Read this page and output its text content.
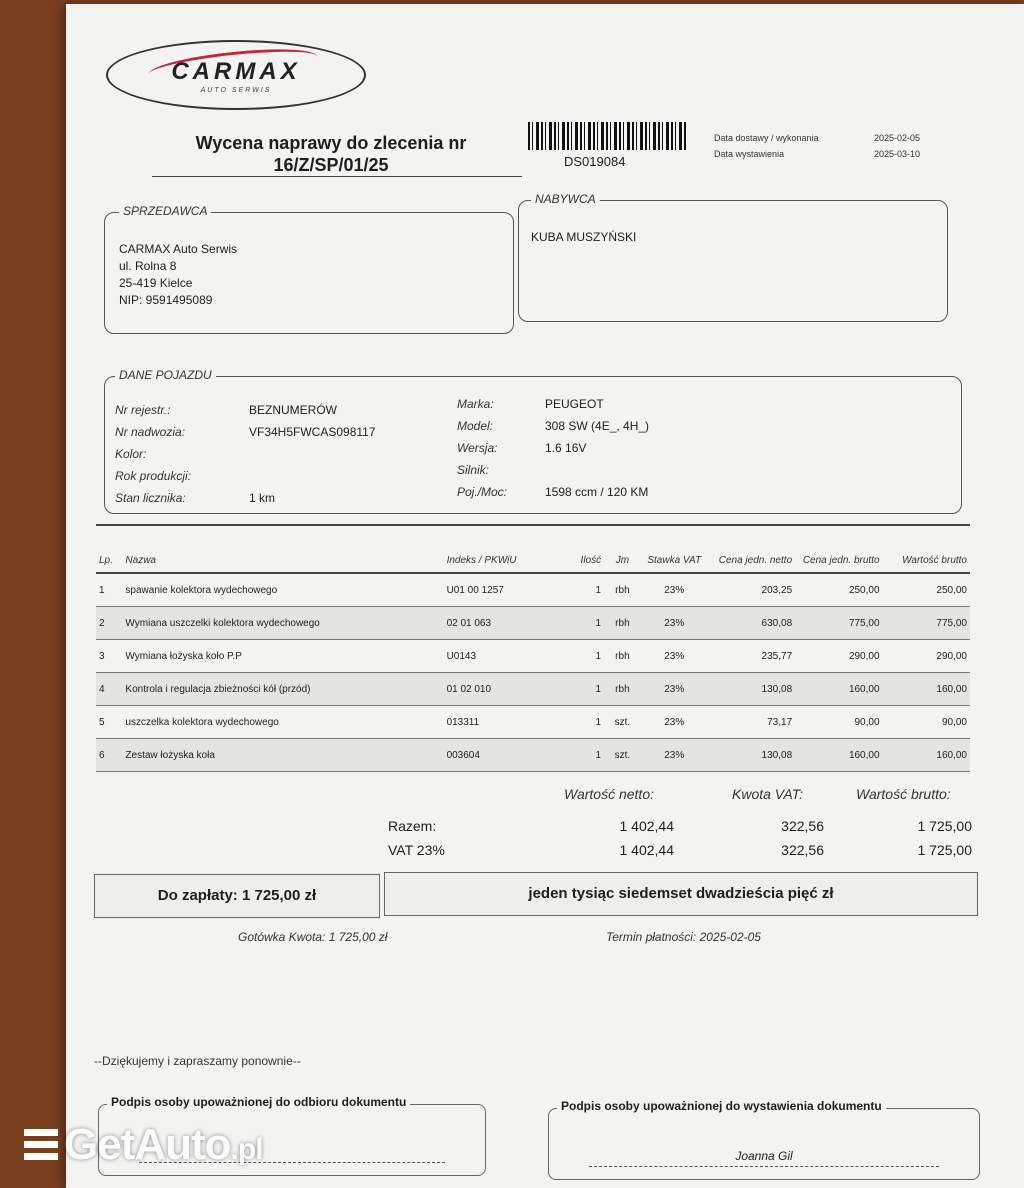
CARMAX
AUTO SERWIS
Wycena naprawy do zlecenia nr 16/Z/SP/01/25	DS019084
Data dostawy / wykonania	2025-02-05
Data wystawienia	2025-03-10
SPRZEDAWCA
CARMAX Auto Serwis
ul. Rolna 8
25-419 Kielce
NIP: 9591495089
NABYWCA
KUBA MUSZYŃSKI
DANE POJAZDU
Nr rejestr.:	BEZNUMERÓW
Nr nadwozia:	VF34H5FWCAS098117
Kolor:
Rok produkcji:
Stan licznika:	1 km
Marka:	PEUGEOT
Model:	308 SW (4E_, 4H_)
Wersja:	1.6 16V
Silnik:
Poj./Moc:	1598 ccm / 120 KM
Lp.	Nazwa	Indeks / PKWiU	Ilość	Jm	Stawka VAT	Cena jedn. netto	Cena jedn. brutto	Wartość brutto
1	spawanie kolektora wydechowego	U01 00 1257	1	rbh	23%	203,25	250,00	250,00
2	Wymiana uszczelki kolektora wydechowego	02 01 063	1	rbh	23%	630,08	775,00	775,00
3	Wymiana łożyska koło P.P	U0143	1	rbh	23%	235,77	290,00	290,00
4	Kontrola i regulacja zbieżności kół (przód)	01 02 010	1	rbh	23%	130,08	160,00	160,00
5	uszczelka kolektora wydechowego	013311	1	szt.	23%	73,17	90,00	90,00
6	Zestaw łożyska koła	003604	1	szt.	23%	130,08	160,00	160,00
Wartość netto:	Kwota VAT:	Wartość brutto:
Razem:	1 402,44	322,56	1 725,00
VAT 23%	1 402,44	322,56	1 725,00
Do zapłaty: 1 725,00 zł	jeden tysiąc siedemset dwadzieścia pięć zł
Gotówka Kwota: 1 725,00 zł	Termin płatności: 2025-02-05
--Dziękujemy i zapraszamy ponownie--
Podpis osoby upoważnionej do odbioru dokumentu	Podpis osoby upoważnionej do wystawienia dokumentu
Joanna Gil
GetAuto.pl
